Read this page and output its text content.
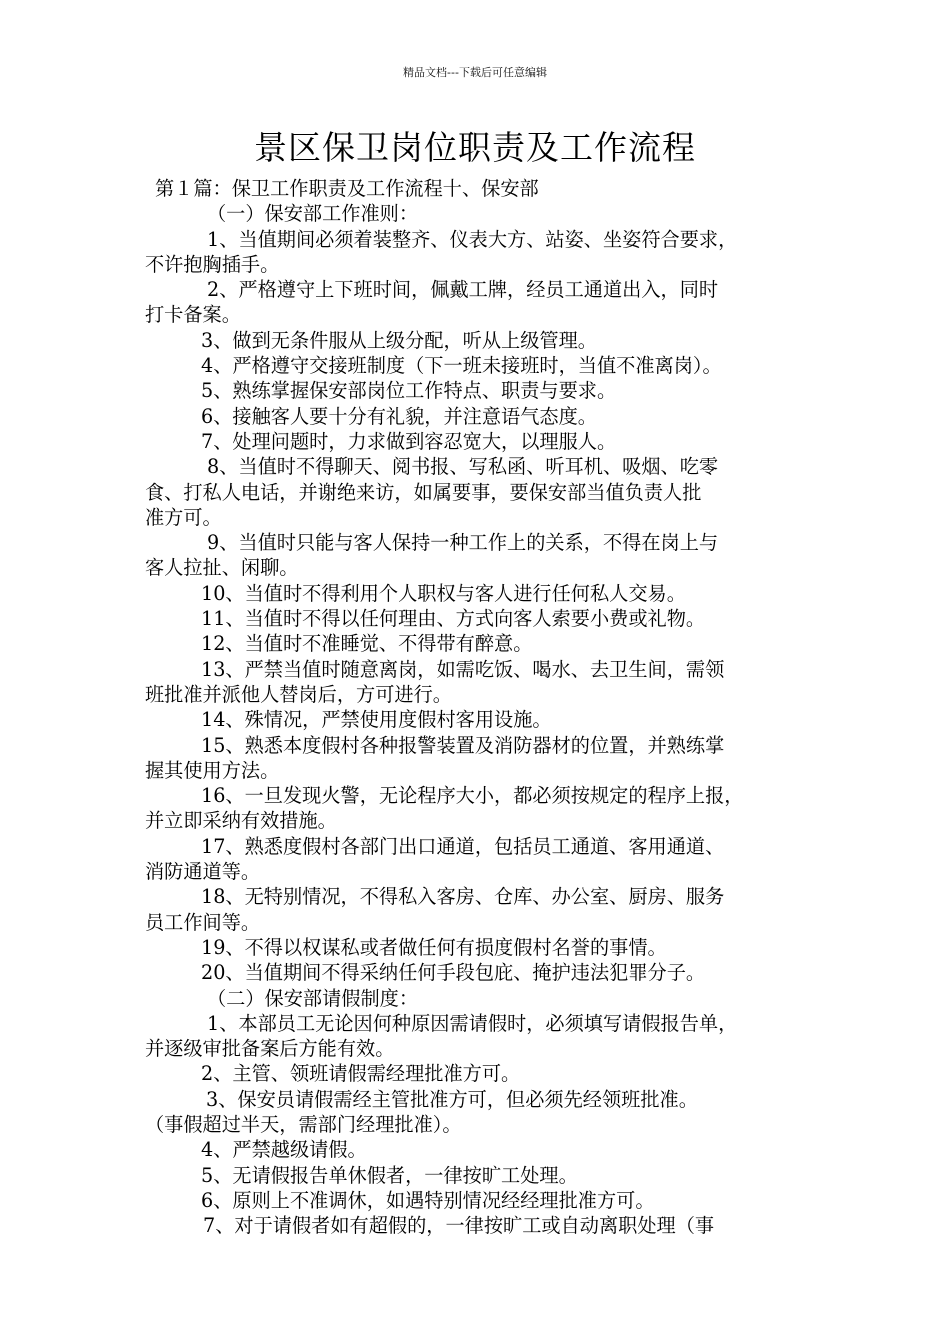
精品文档---下载后可任意编辑
景区保卫岗位职责及工作流程
第１篇：保卫工作职责及工作流程十、保安部
（一）保安部工作准则：
1、当值期间必须着装整齐、仪表大方、站姿、坐姿符合要求，
不许抱胸插手。
2、严格遵守上下班时间，佩戴工牌，经员工通道出入，同时
打卡备案。
3、做到无条件服从上级分配，听从上级管理。
4、严格遵守交接班制度（下一班未接班时，当值不准离岗）。
5、熟练掌握保安部岗位工作特点、职责与要求。
6、接触客人要十分有礼貌，并注意语气态度。
7、处理问题时，力求做到容忍宽大，以理服人。
8、当值时不得聊天、阅书报、写私函、听耳机、吸烟、吃零
食、打私人电话，并谢绝来访，如属要事，要保安部当值负责人批
准方可。
9、当值时只能与客人保持一种工作上的关系，不得在岗上与
客人拉扯、闲聊。
10、当值时不得利用个人职权与客人进行任何私人交易。
11、当值时不得以任何理由、方式向客人索要小费或礼物。
12、当值时不准睡觉、不得带有醉意。
13、严禁当值时随意离岗，如需吃饭、喝水、去卫生间，需领
班批准并派他人替岗后，方可进行。
14、殊情况，严禁使用度假村客用设施。
15、熟悉本度假村各种报警装置及消防器材的位置，并熟练掌
握其使用方法。
16、一旦发现火警，无论程序大小，都必须按规定的程序上报，
并立即采纳有效措施。
17、熟悉度假村各部门出口通道，包括员工通道、客用通道、
消防通道等。
18、无特别情况，不得私入客房、仓库、办公室、厨房、服务
员工作间等。
19、不得以权谋私或者做任何有损度假村名誉的事情。
20、当值期间不得采纳任何手段包庇、掩护违法犯罪分子。
（二）保安部请假制度：
1、本部员工无论因何种原因需请假时，必须填写请假报告单，
并逐级审批备案后方能有效。
2、主管、领班请假需经理批准方可。
3、保安员请假需经主管批准方可，但必须先经领班批准。
（事假超过半天，需部门经理批准）。
4、严禁越级请假。
5、无请假报告单休假者，一律按旷工处理。
6、原则上不准调休，如遇特别情况经经理批准方可。
7、对于请假者如有超假的，一律按旷工或自动离职处理（事
